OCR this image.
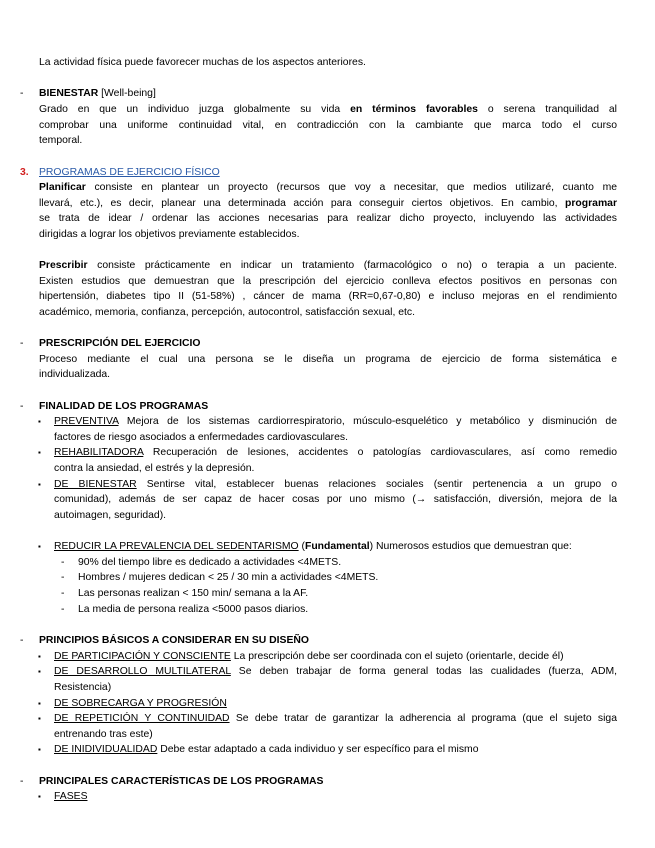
La actividad física puede favorecer muchas de los aspectos anteriores.
-	BIENESTAR [Well-being]
Grado en que un individuo juzga globalmente su vida en términos favorables o serena tranquilidad al
comprobar una uniforme continuidad vital, en contradicción con la cambiante que marca todo el curso
temporal.
3. PROGRAMAS DE EJERCICIO FÍSICO
Planificar consiste en plantear un proyecto (recursos que voy a necesitar, que medios utilizaré, cuanto me
llevará, etc.), es decir, planear una determinada acción para conseguir ciertos objetivos. En cambio, programar
se trata de idear / ordenar las acciones necesarias para realizar dicho proyecto, incluyendo las actividades
dirigidas a lograr los objetivos previamente establecidos.
Prescribir consiste prácticamente en indicar un tratamiento (farmacológico o no) o terapia a un paciente.
Existen estudios que demuestran que la prescripción del ejercicio conlleva efectos positivos en personas con
hipertensión, diabetes tipo II (51-58%) , cáncer de mama (RR=0,67-0,80) e incluso mejoras en el rendimiento
académico, memoria, confianza, percepción, autocontrol, satisfacción sexual, etc.
-	PRESCRIPCIÓN DEL EJERCICIO
Proceso mediante el cual una persona se le diseña un programa de ejercicio de forma sistemática e
individualizada.
-	FINALIDAD DE LOS PROGRAMAS
▪	PREVENTIVA Mejora de los sistemas cardiorrespiratorio, músculo-esquelético y metabólico y disminución de
factores de riesgo asociados a enfermedades cardiovasculares.
▪	REHABILITADORA Recuperación de lesiones, accidentes o patologías cardiovasculares, así como remedio
contra la ansiedad, el estrés y la depresión.
▪	DE BIENESTAR Sentirse vital, establecer buenas relaciones sociales (sentir pertenencia a un grupo o
comunidad), además de ser capaz de hacer cosas por uno mismo (→ satisfacción, diversión, mejora de la
autoimagen, seguridad).
▪	REDUCIR LA PREVALENCIA DEL SEDENTARISMO (Fundamental) Numerosos estudios que demuestran que:
-	90% del tiempo libre es dedicado a actividades <4METS.
-	Hombres / mujeres dedican < 25 / 30 min a actividades <4METS.
-	Las personas realizan < 150 min/ semana a la AF.
-	La media de persona realiza <5000 pasos diarios.
-	PRINCIPIOS BÁSICOS A CONSIDERAR EN SU DISEÑO
▪	DE PARTICIPACIÓN Y CONSCIENTE La prescripción debe ser coordinada con el sujeto (orientarle, decide él)
▪	DE DESARROLLO MULTILATERAL Se deben trabajar de forma general todas las cualidades (fuerza, ADM,
Resistencia)
▪	DE SOBRECARGA Y PROGRESIÓN
▪	DE REPETICIÓN Y CONTINUIDAD Se debe tratar de garantizar la adherencia al programa (que el sujeto siga
entrenando tras este)
▪	DE INIDIVIDUALIDAD Debe estar adaptado a cada individuo y ser específico para el mismo
-	PRINCIPALES CARACTERÍSTICAS DE LOS PROGRAMAS
▪	FASES
